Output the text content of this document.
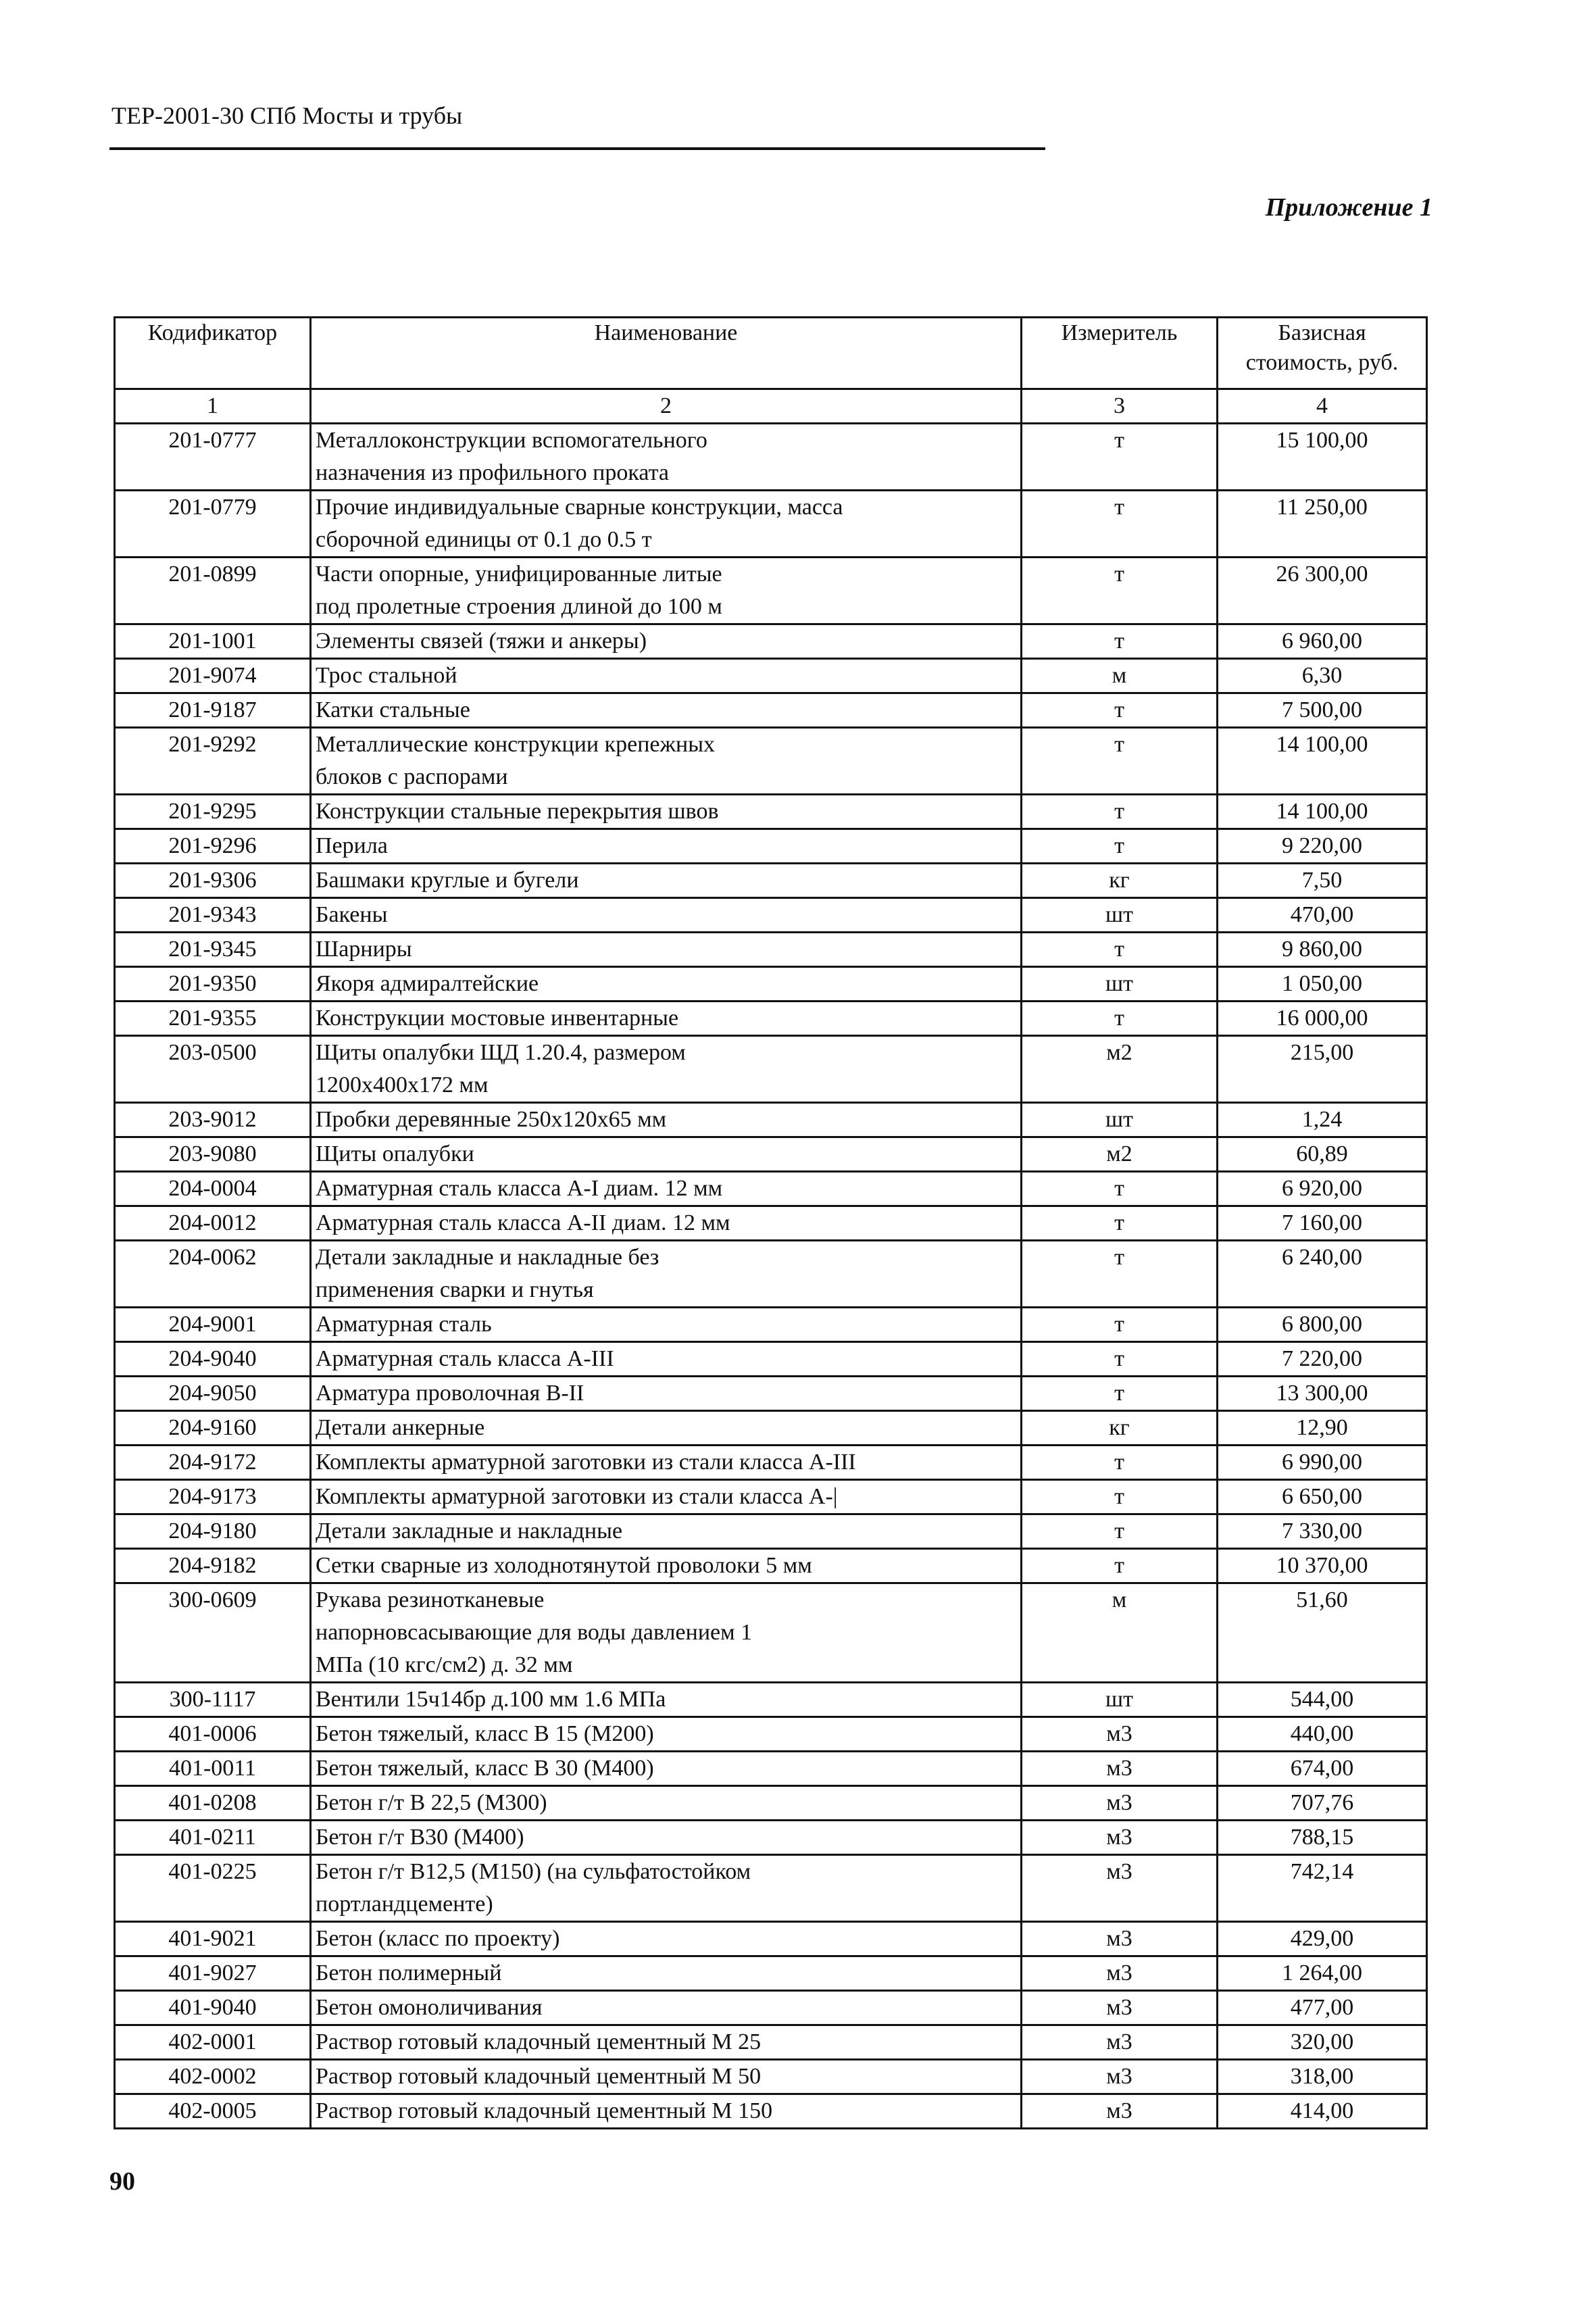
ТЕР-2001-30 СПб Мосты и трубы
Приложение 1
Кодификатор	Наименование	Измеритель	Базисная стоимость, руб.
1	2	3	4
201-0777	Металлоконструкции вспомогательного
назначения из профильного проката	т	15 100,00
201-0779	Прочие индивидуальные сварные конструкции, масса
сборочной единицы от 0.1 до 0.5 т	т	11 250,00
201-0899	Части опорные, унифицированные литые
под пролетные строения длиной до 100 м	т	26 300,00
201-1001	Элементы связей (тяжи и анкеры)	т	6 960,00
201-9074	Трос стальной	м	6,30
201-9187	Катки стальные	т	7 500,00
201-9292	Металлические конструкции крепежных
блоков с распорами	т	14 100,00
201-9295	Конструкции стальные перекрытия швов	т	14 100,00
201-9296	Перила	т	9 220,00
201-9306	Башмаки круглые и бугели	кг	7,50
201-9343	Бакены	шт	470,00
201-9345	Шарниры	т	9 860,00
201-9350	Якоря адмиралтейские	шт	1 050,00
201-9355	Конструкции мостовые инвентарные	т	16 000,00
203-0500	Щиты опалубки ЩД 1.20.4, размером
1200х400х172 мм	м2	215,00
203-9012	Пробки деревянные 250х120х65 мм	шт	1,24
203-9080	Щиты опалубки	м2	60,89
204-0004	Арматурная сталь класса А-I диам. 12 мм	т	6 920,00
204-0012	Арматурная сталь класса А-II диам. 12 мм	т	7 160,00
204-0062	Детали закладные и накладные без
применения сварки и гнутья	т	6 240,00
204-9001	Арматурная сталь	т	6 800,00
204-9040	Арматурная сталь класса А-III	т	7 220,00
204-9050	Арматура проволочная В-II	т	13 300,00
204-9160	Детали анкерные	кг	12,90
204-9172	Комплекты арматурной заготовки из стали класса А-III	т	6 990,00
204-9173	Комплекты арматурной заготовки из стали класса А-|	т	6 650,00
204-9180	Детали закладные и накладные	т	7 330,00
204-9182	Сетки сварные из холоднотянутой проволоки 5 мм	т	10 370,00
300-0609	Рукава резинотканевые
напорновсасывающие для воды давлением 1
МПа (10 кгс/см2) д. 32 мм	м	51,60
300-1117	Вентили 15ч14бр д.100 мм 1.6 МПа	шт	544,00
401-0006	Бетон тяжелый, класс В 15 (М200)	м3	440,00
401-0011	Бетон тяжелый, класс В 30 (М400)	м3	674,00
401-0208	Бетон г/т В 22,5 (М300)	м3	707,76
401-0211	Бетон г/т В30 (М400)	м3	788,15
401-0225	Бетон г/т В12,5 (М150) (на сульфатостойком
портландцементе)	м3	742,14
401-9021	Бетон (класс по проекту)	м3	429,00
401-9027	Бетон полимерный	м3	1 264,00
401-9040	Бетон омоноличивания	м3	477,00
402-0001	Раствор готовый кладочный цементный М 25	м3	320,00
402-0002	Раствор готовый кладочный цементный М 50	м3	318,00
402-0005	Раствор готовый кладочный цементный М 150	м3	414,00
90
